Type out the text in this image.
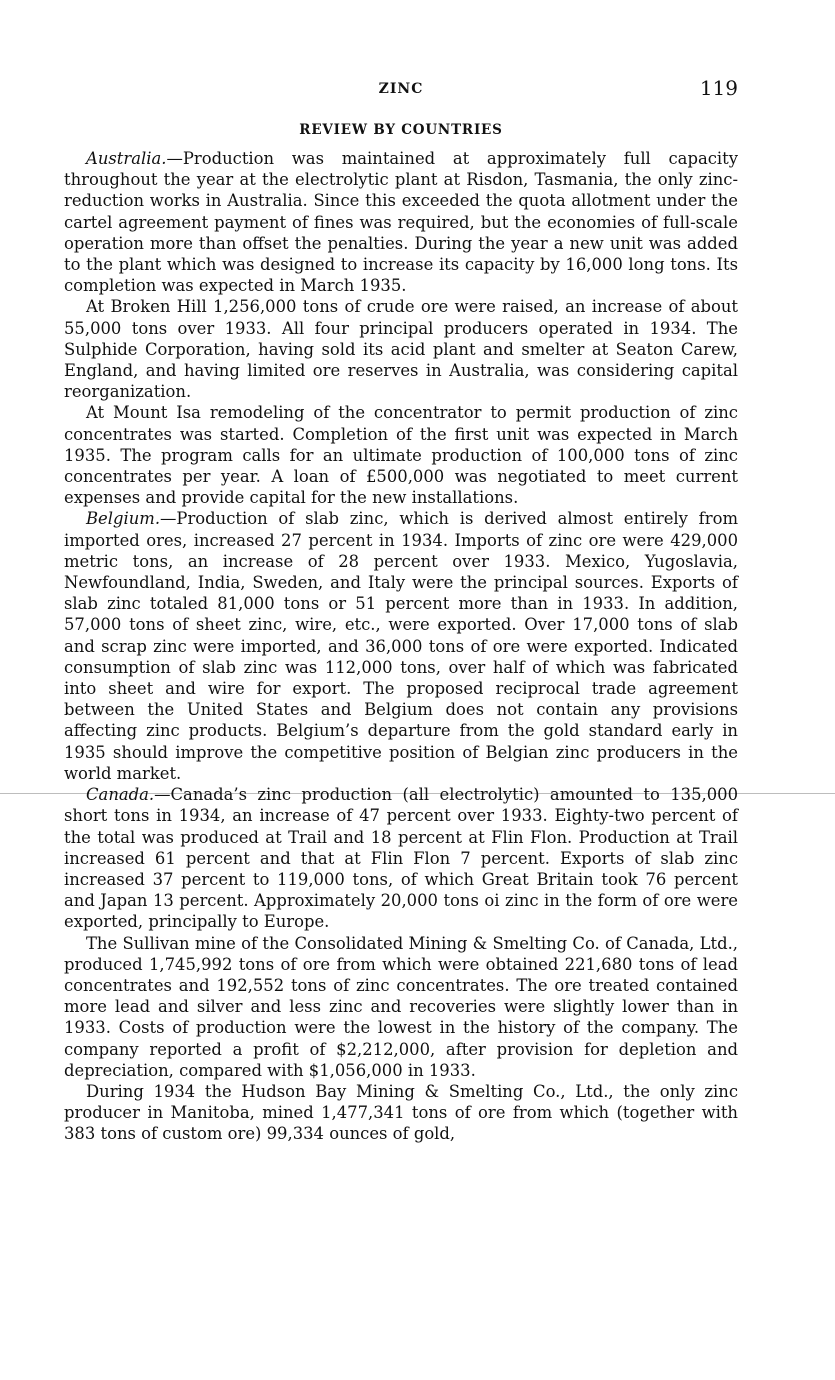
ZINC	119
REVIEW BY COUNTRIES

Australia.—Production was maintained at approximately full capacity throughout the year at the electrolytic plant at Risdon, Tasmania, the only zinc-reduction works in Australia. Since this exceeded the quota allotment under the cartel agreement payment of fines was required, but the economies of full-scale operation more than offset the penalties. During the year a new unit was added to the plant which was designed to increase its capacity by 16,000 long tons. Its completion was expected in March 1935.

At Broken Hill 1,256,000 tons of crude ore were raised, an increase of about 55,000 tons over 1933. All four principal producers operated in 1934. The Sulphide Corporation, having sold its acid plant and smelter at Seaton Carew, England, and having limited ore reserves in Australia, was considering capital reorganization.

At Mount Isa remodeling of the concentrator to permit production of zinc concentrates was started. Completion of the first unit was expected in March 1935. The program calls for an ultimate production of 100,000 tons of zinc concentrates per year. A loan of £500,000 was negotiated to meet current expenses and provide capital for the new installations.

Belgium.—Production of slab zinc, which is derived almost entirely from imported ores, increased 27 percent in 1934. Imports of zinc ore were 429,000 metric tons, an increase of 28 percent over 1933. Mexico, Yugoslavia, Newfoundland, India, Sweden, and Italy were the principal sources. Exports of slab zinc totaled 81,000 tons or 51 percent more than in 1933. In addition, 57,000 tons of sheet zinc, wire, etc., were exported. Over 17,000 tons of slab and scrap zinc were imported, and 36,000 tons of ore were exported. Indicated consumption of slab zinc was 112,000 tons, over half of which was fabricated into sheet and wire for export. The proposed reciprocal trade agreement between the United States and Belgium does not contain any provisions affecting zinc products. Belgium’s departure from the gold standard early in 1935 should improve the competitive position of Belgian zinc producers in the world market.

Canada.—Canada’s zinc production (all electrolytic) amounted to 135,000 short tons in 1934, an increase of 47 percent over 1933. Eighty-two percent of the total was produced at Trail and 18 percent at Flin Flon. Production at Trail increased 61 percent and that at Flin Flon 7 percent. Exports of slab zinc increased 37 percent to 119,000 tons, of which Great Britain took 76 percent and Japan 13 percent. Approximately 20,000 tons oi zinc in the form of ore were exported, principally to Europe.

The Sullivan mine of the Consolidated Mining & Smelting Co. of Canada, Ltd., produced 1,745,992 tons of ore from which were obtained 221,680 tons of lead concentrates and 192,552 tons of zinc concentrates. The ore treated contained more lead and silver and less zinc and recoveries were slightly lower than in 1933. Costs of production were the lowest in the history of the company. The company reported a profit of $2,212,000, after provision for depletion and depreciation, compared with $1,056,000 in 1933.

During 1934 the Hudson Bay Mining & Smelting Co., Ltd., the only zinc producer in Manitoba, mined 1,477,341 tons of ore from which (together with 383 tons of custom ore) 99,334 ounces of gold,
